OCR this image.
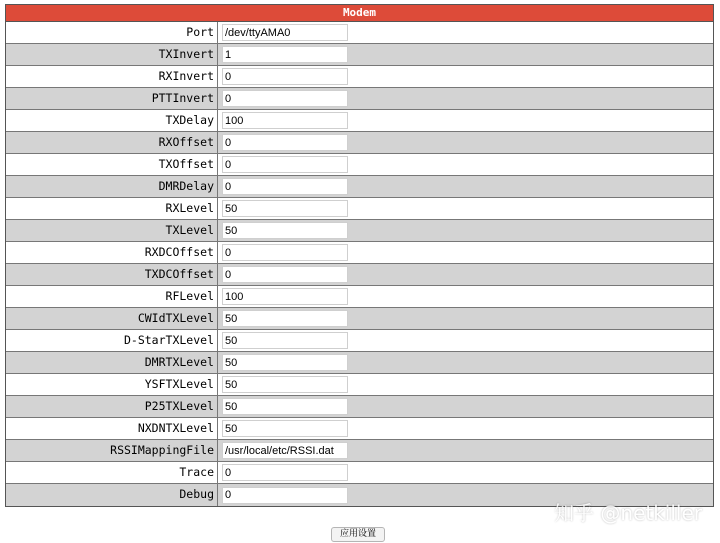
Modem
Port
/dev/ttyAMA0
TXInvert
1
RXInvert
0
PTTInvert
0
TXDelay
100
RXOffset
0
TXOffset
0
DMRDelay
0
RXLevel
50
TXLevel
50
RXDCOffset
0
TXDCOffset
0
RFLevel
100
CWIdTXLevel
50
D-StarTXLevel
50
DMRTXLevel
50
YSFTXLevel
50
P25TXLevel
50
NXDNTXLevel
50
RSSIMappingFile
/usr/local/etc/RSSI.dat
Trace
0
Debug
0
应用设置
知乎 @netkiller
